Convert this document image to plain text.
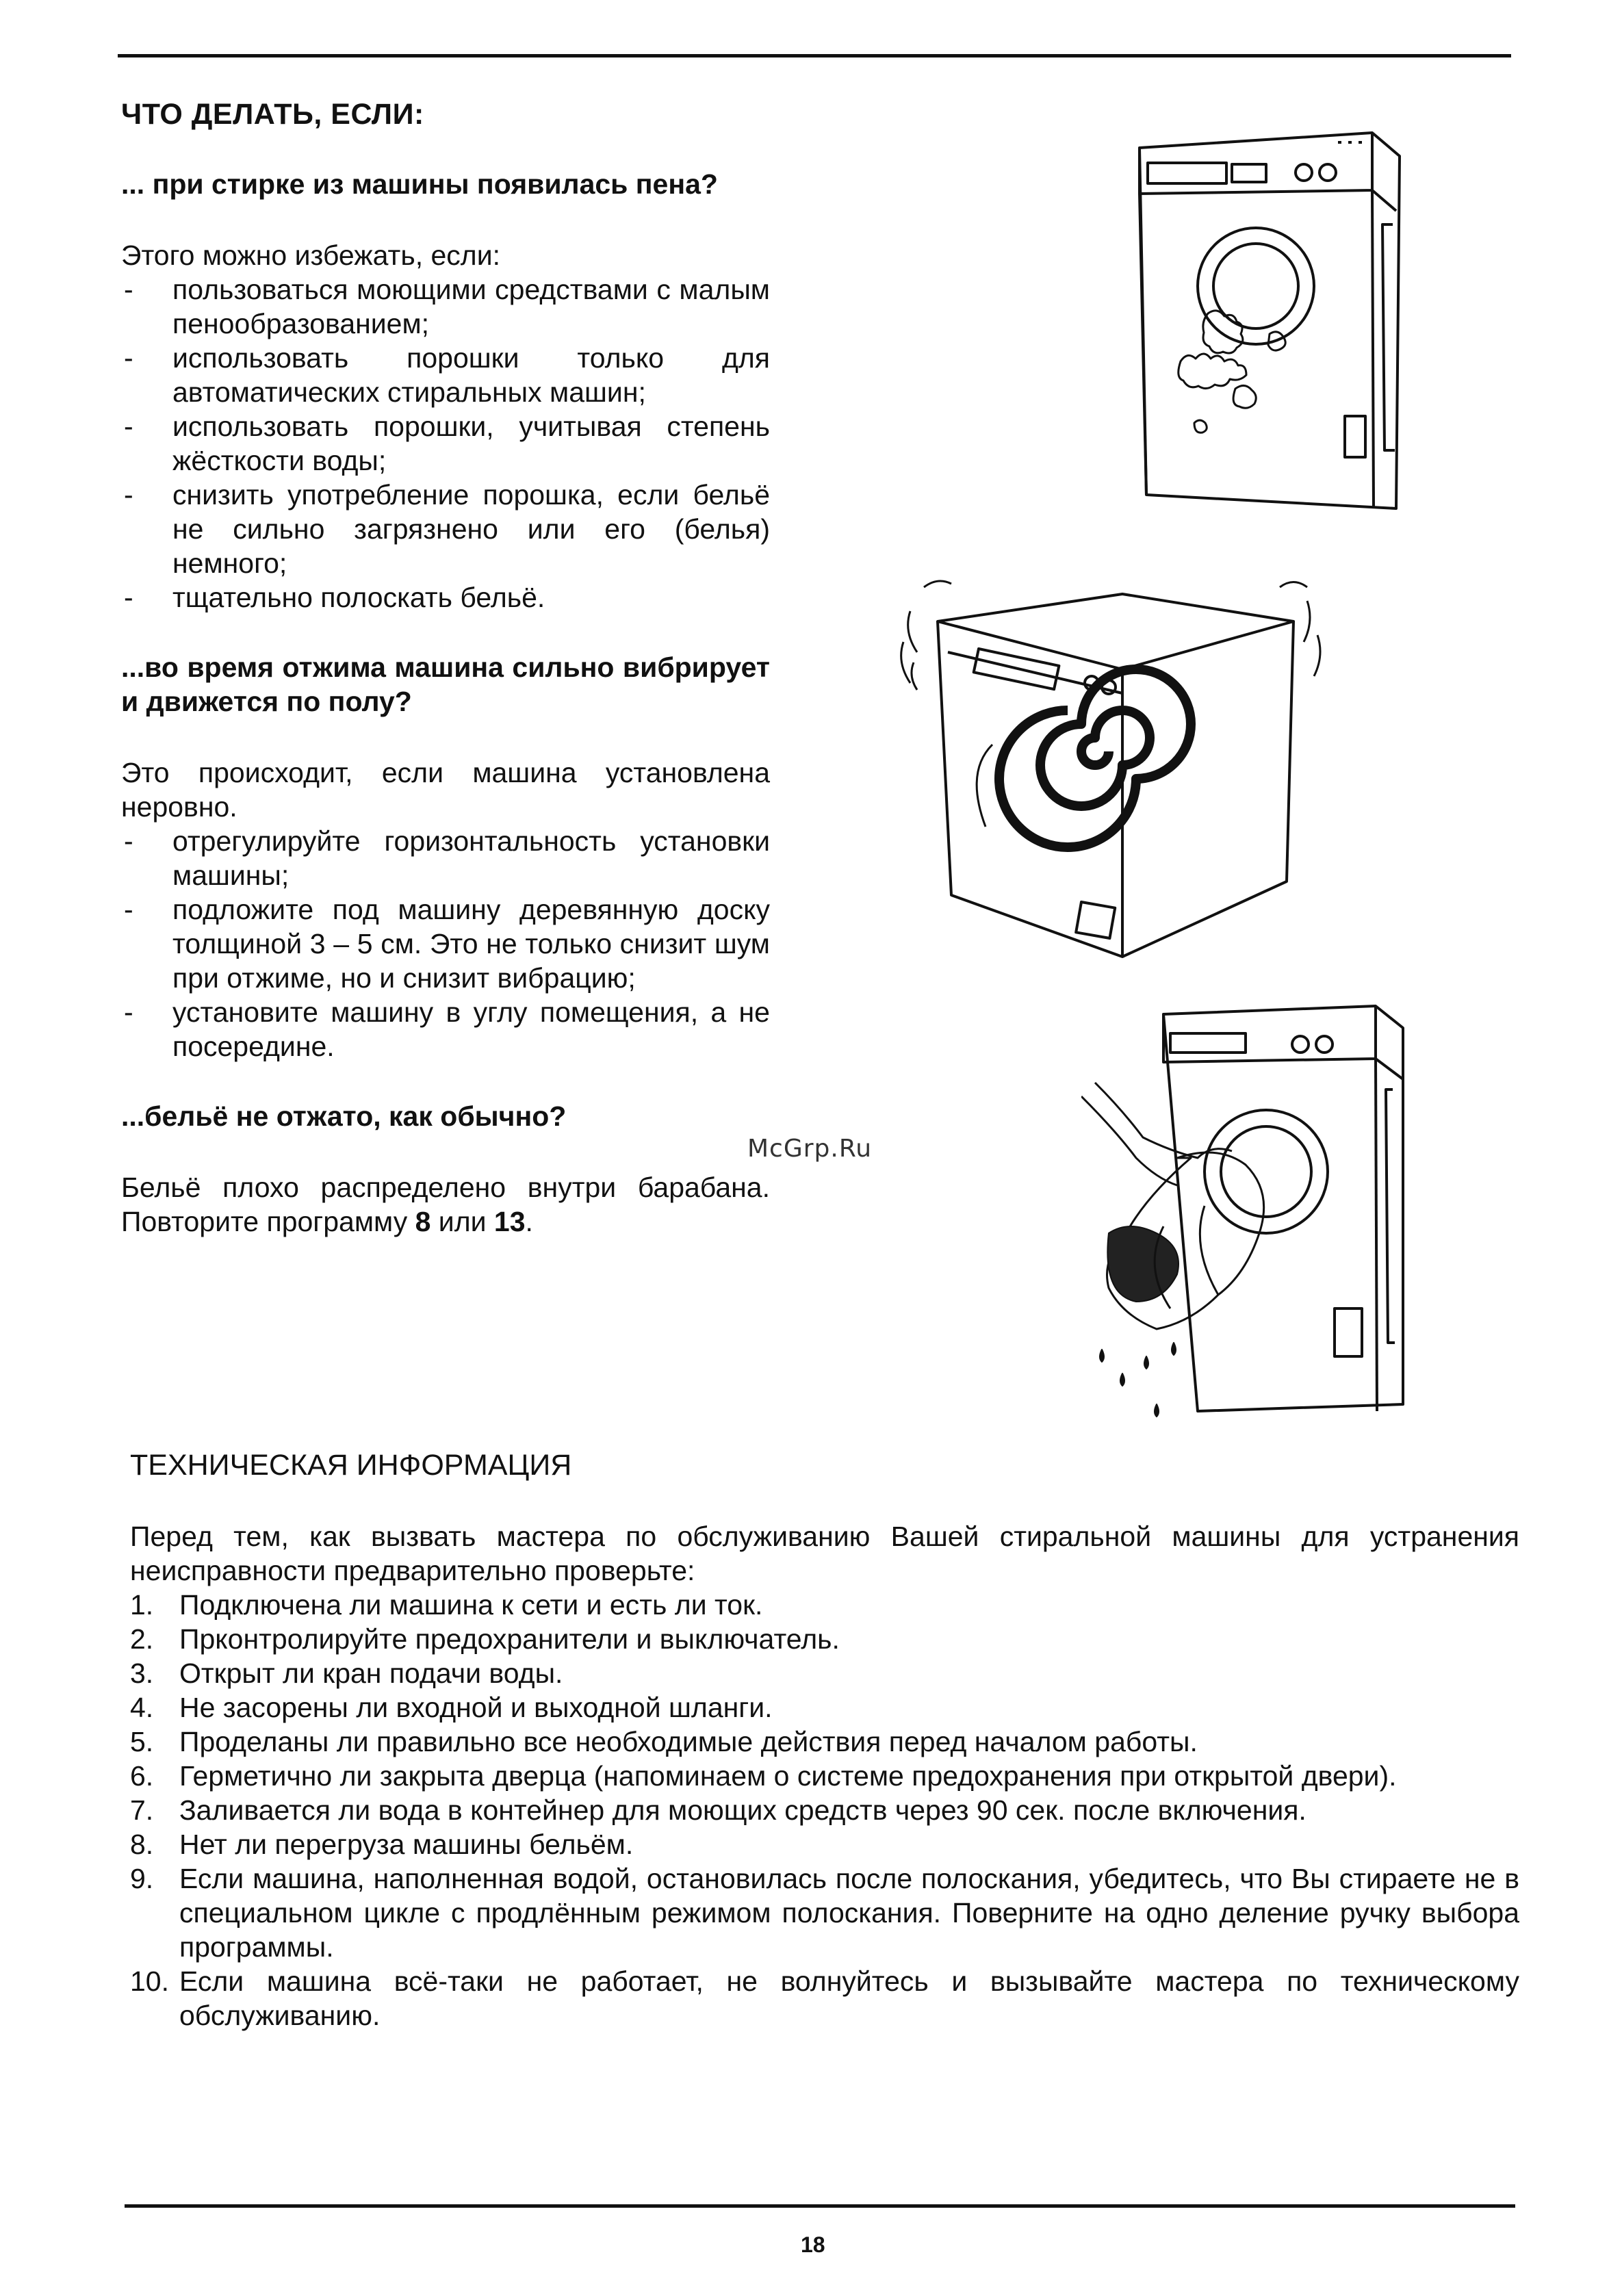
ЧТО ДЕЛАТЬ, ЕСЛИ:

... при стирке из машины появилась пена?

Этого можно избежать, если:

- пользоваться моющими средствами с малым пенообразованием;
- использовать порошки только для автоматических стиральных машин;
- использовать порошки, учитывая степень жёсткости воды;
- снизить употребление порошка, если бельё не сильно загрязнено или его (белья) немного;
- тщательно полоскать бельё.

...во время отжима машина сильно вибрирует и движется по полу?

Это происходит, если машина установлена неровно.

- отрегулируйте горизонтальность установки машины;
- подложите под машину деревянную доску толщиной 3 – 5 см. Это не только снизит шум при отжиме, но и снизит вибрацию;
- установите машину в углу помещения, а не посередине.

...бельё не отжато, как обычно?

Бельё плохо распределено внутри барабана. Повторите программу 8 или 13.

McGrp.Ru

ТЕХНИЧЕСКАЯ ИНФОРМАЦИЯ

Перед тем, как вызвать мастера по обслуживанию Вашей стиральной машины для устранения неисправности предварительно проверьте:

1. Подключена ли машина к сети и есть ли ток.
2. Прконтролируйте предохранители и выключатель.
3. Открыт ли кран подачи воды.
4. Не засорены ли входной и выходной шланги.
5. Проделаны ли правильно все необходимые действия перед началом работы.
6. Герметично ли закрыта дверца (напоминаем о системе предохранения при открытой двери).
7. Заливается ли вода в контейнер для моющих средств через 90 сек. после включения.
8. Нет ли перегруза машины бельём.
9. Если машина, наполненная водой, остановилась после полоскания, убедитесь, что Вы стираете не в специальном цикле с продлённым режимом полоскания. Поверните на одно деление ручку выбора программы.
10. Если машина всё-таки не работает, не волнуйтесь и вызывайте мастера по техническому обслуживанию.
18
